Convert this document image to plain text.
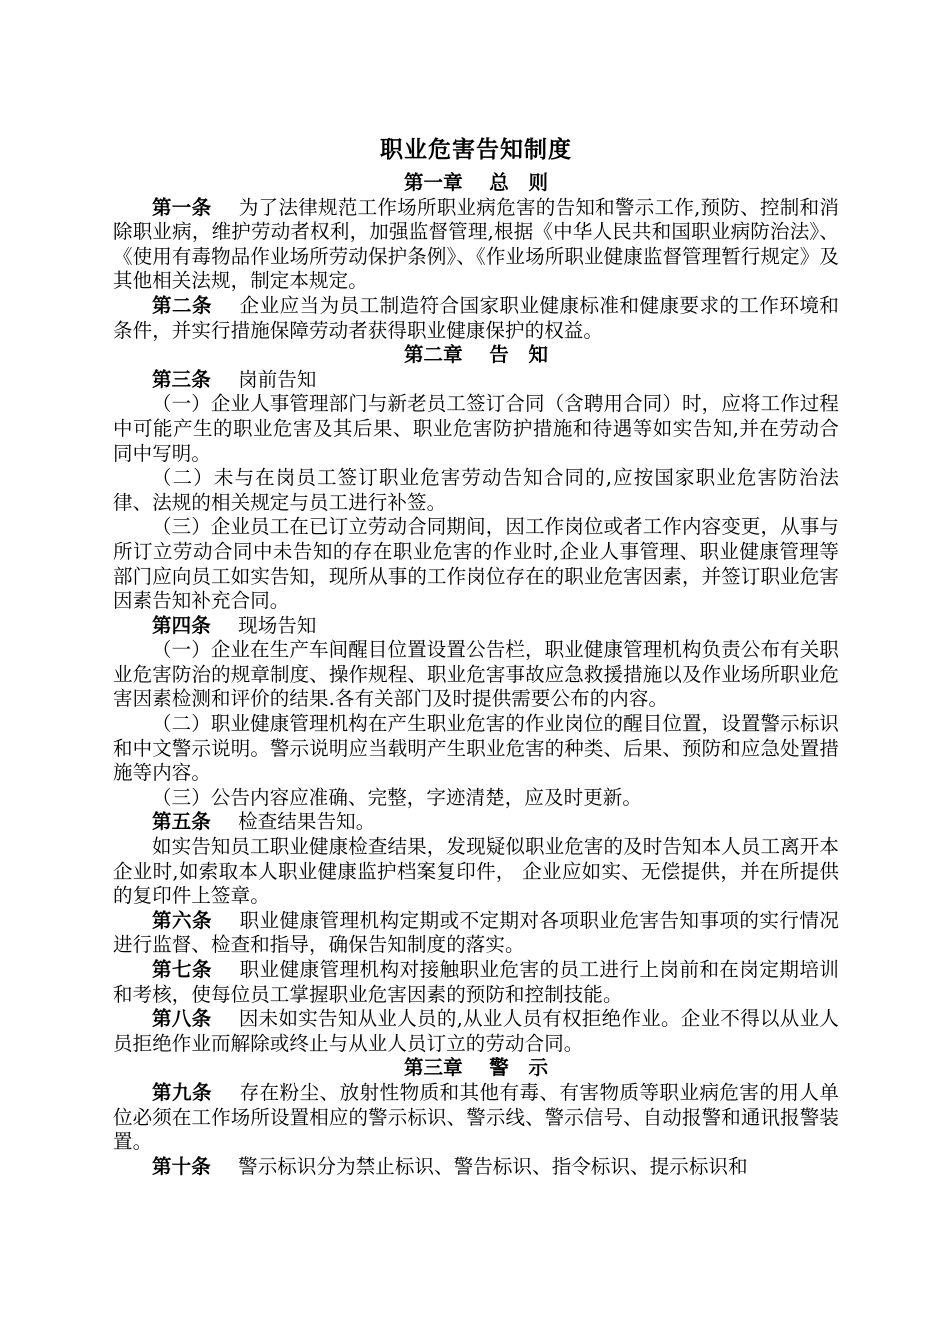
职业危害告知制度
第一章　 总　则
第一条 为了法律规范工作场所职业病危害的告知和警示工作,预防、控制和消除职业病，维护劳动者权利，加强监督管理,根据《中华人民共和国职业病防治法》、《使用有毒物品作业场所劳动保护条例》、《作业场所职业健康监督管理暂行规定》及其他相关法规，制定本规定。
第二条 企业应当为员工制造符合国家职业健康标准和健康要求的工作环境和条件，并实行措施保障劳动者获得职业健康保护的权益。
第二章　 告　知
第三条 岗前告知
（一）企业人事管理部门与新老员工签订合同（含聘用合同）时，应将工作过程中可能产生的职业危害及其后果、职业危害防护措施和待遇等如实告知,并在劳动合同中写明。
（二）未与在岗员工签订职业危害劳动告知合同的,应按国家职业危害防治法律、法规的相关规定与员工进行补签。
（三）企业员工在已订立劳动合同期间，因工作岗位或者工作内容变更，从事与所订立劳动合同中未告知的存在职业危害的作业时,企业人事管理、职业健康管理等部门应向员工如实告知，现所从事的工作岗位存在的职业危害因素，并签订职业危害因素告知补充合同。
第四条 现场告知
（一）企业在生产车间醒目位置设置公告栏，职业健康管理机构负责公布有关职业危害防治的规章制度、操作规程、职业危害事故应急救援措施以及作业场所职业危害因素检测和评价的结果.各有关部门及时提供需要公布的内容。
（二）职业健康管理机构在产生职业危害的作业岗位的醒目位置，设置警示标识和中文警示说明。警示说明应当载明产生职业危害的种类、后果、预防和应急处置措施等内容。
（三）公告内容应准确、完整，字迹清楚，应及时更新。
第五条 检查结果告知。
如实告知员工职业健康检查结果，发现疑似职业危害的及时告知本人员工离开本企业时,如索取本人职业健康监护档案复印件， 企业应如实、无偿提供，并在所提供的复印件上签章。
第六条 职业健康管理机构定期或不定期对各项职业危害告知事项的实行情况进行监督、检查和指导，确保告知制度的落实。
第七条 职业健康管理机构对接触职业危害的员工进行上岗前和在岗定期培训和考核，使每位员工掌握职业危害因素的预防和控制技能。
第八条 因未如实告知从业人员的,从业人员有权拒绝作业。企业不得以从业人员拒绝作业而解除或终止与从业人员订立的劳动合同。
第三章　 警　示
第九条 存在粉尘、放射性物质和其他有毒、有害物质等职业病危害的用人单位必须在工作场所设置相应的警示标识、警示线、警示信号、自动报警和通讯报警装置。
第十条 警示标识分为禁止标识、警告标识、指令标识、提示标识和
